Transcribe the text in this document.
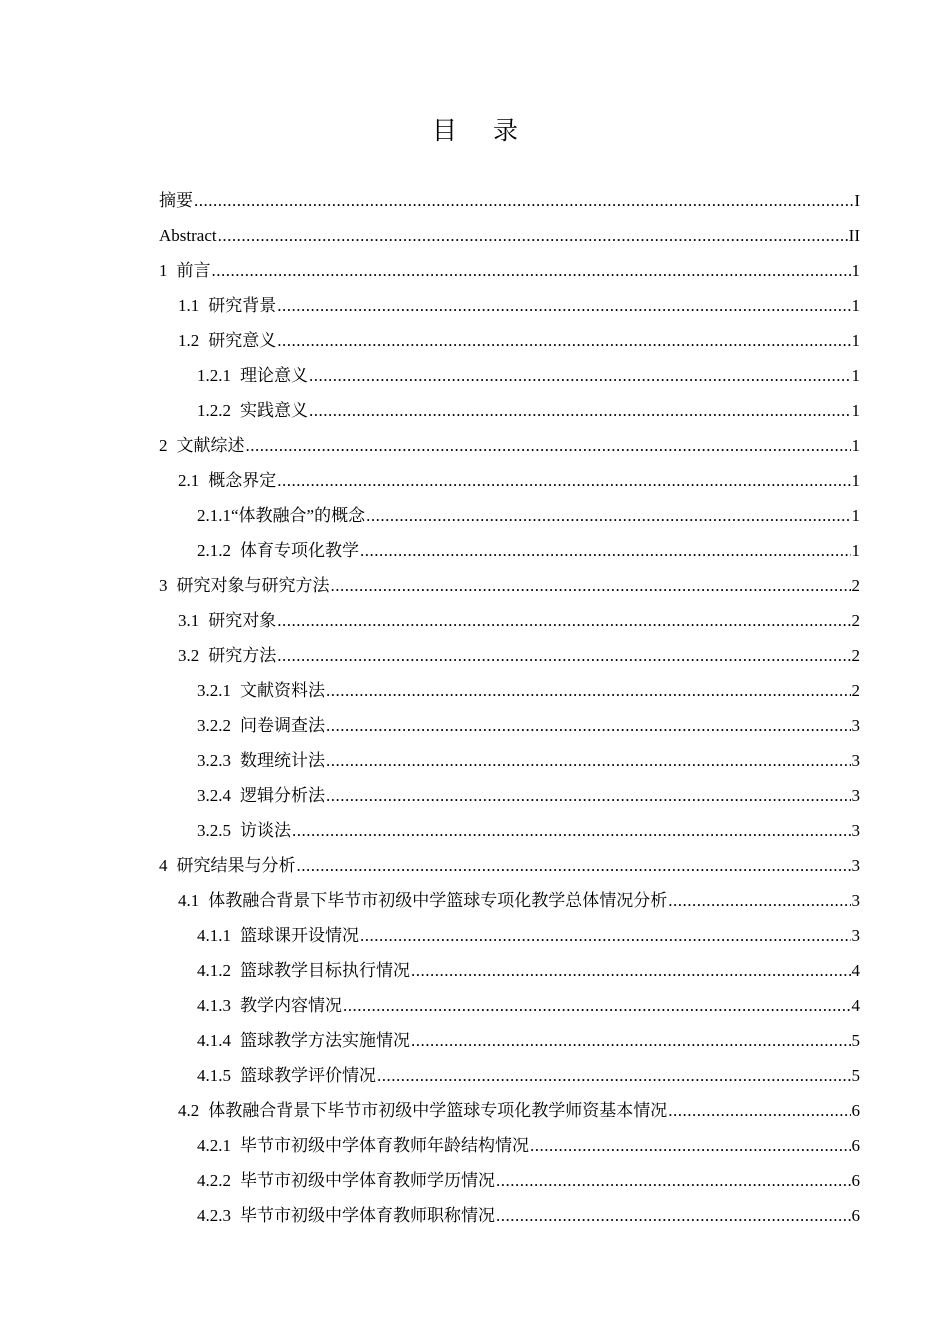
目 录
摘要 .....	I
Abstract .....	II
1 前言 .....	1
1.1 研究背景 .....	1
1.2 研究意义 .....	1
1.2.1 理论意义 .....	1
1.2.2 实践意义 .....	1
2 文献综述 .....	1
2.1 概念界定 .....	1
2.1.1 “体教融合”的概念 .....	1
2.1.2 体育专项化教学 .....	1
3 研究对象与研究方法 .....	2
3.1 研究对象 .....	2
3.2 研究方法 .....	2
3.2.1 文献资料法 .....	2
3.2.2 问卷调查法 .....	3
3.2.3 数理统计法 .....	3
3.2.4 逻辑分析法 .....	3
3.2.5 访谈法 .....	3
4 研究结果与分析 .....	3
4.1 体教融合背景下毕节市初级中学篮球专项化教学总体情况分析 .....	3
4.1.1 篮球课开设情况 .....	3
4.1.2 篮球教学目标执行情况 .....	4
4.1.3 教学内容情况 .....	4
4.1.4 篮球教学方法实施情况 .....	5
4.1.5 篮球教学评价情况 .....	5
4.2 体教融合背景下毕节市初级中学篮球专项化教学师资基本情况 .....	6
4.2.1 毕节市初级中学体育教师年龄结构情况 .....	6
4.2.2 毕节市初级中学体育教师学历情况 .....	6
4.2.3 毕节市初级中学体育教师职称情况 .....	6
